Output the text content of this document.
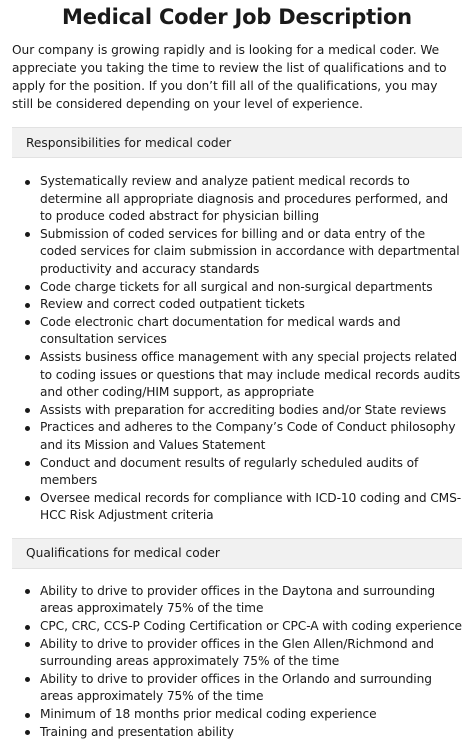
Medical Coder Job Description

Our company is growing rapidly and is looking for a medical coder. We appreciate you taking the time to review the list of qualifications and to apply for the position. If you don’t fill all of the qualifications, you may still be considered depending on your level of experience.

Responsibilities for medical coder
Systematically review and analyze patient medical records to determine all appropriate diagnosis and procedures performed, and to produce coded abstract for physician billing
Submission of coded services for billing and or data entry of the coded services for claim submission in accordance with departmental productivity and accuracy standards
Code charge tickets for all surgical and non-surgical departments
Review and correct coded outpatient tickets
Code electronic chart documentation for medical wards and consultation services
Assists business office management with any special projects related to coding issues or questions that may include medical records audits and other coding/HIM support, as appropriate
Assists with preparation for accrediting bodies and/or State reviews
Practices and adheres to the Company’s Code of Conduct philosophy and its Mission and Values Statement
Conduct and document results of regularly scheduled audits of members
Oversee medical records for compliance with ICD-10 coding and CMS-HCC Risk Adjustment criteria
Qualifications for medical coder
Ability to drive to provider offices in the Daytona and surrounding areas approximately 75% of the time
CPC, CRC, CCS-P Coding Certification or CPC-A with coding experience
Ability to drive to provider offices in the Glen Allen/Richmond and surrounding areas approximately 75% of the time
Ability to drive to provider offices in the Orlando and surrounding areas approximately 75% of the time
Minimum of 18 months prior medical coding experience
Training and presentation ability
